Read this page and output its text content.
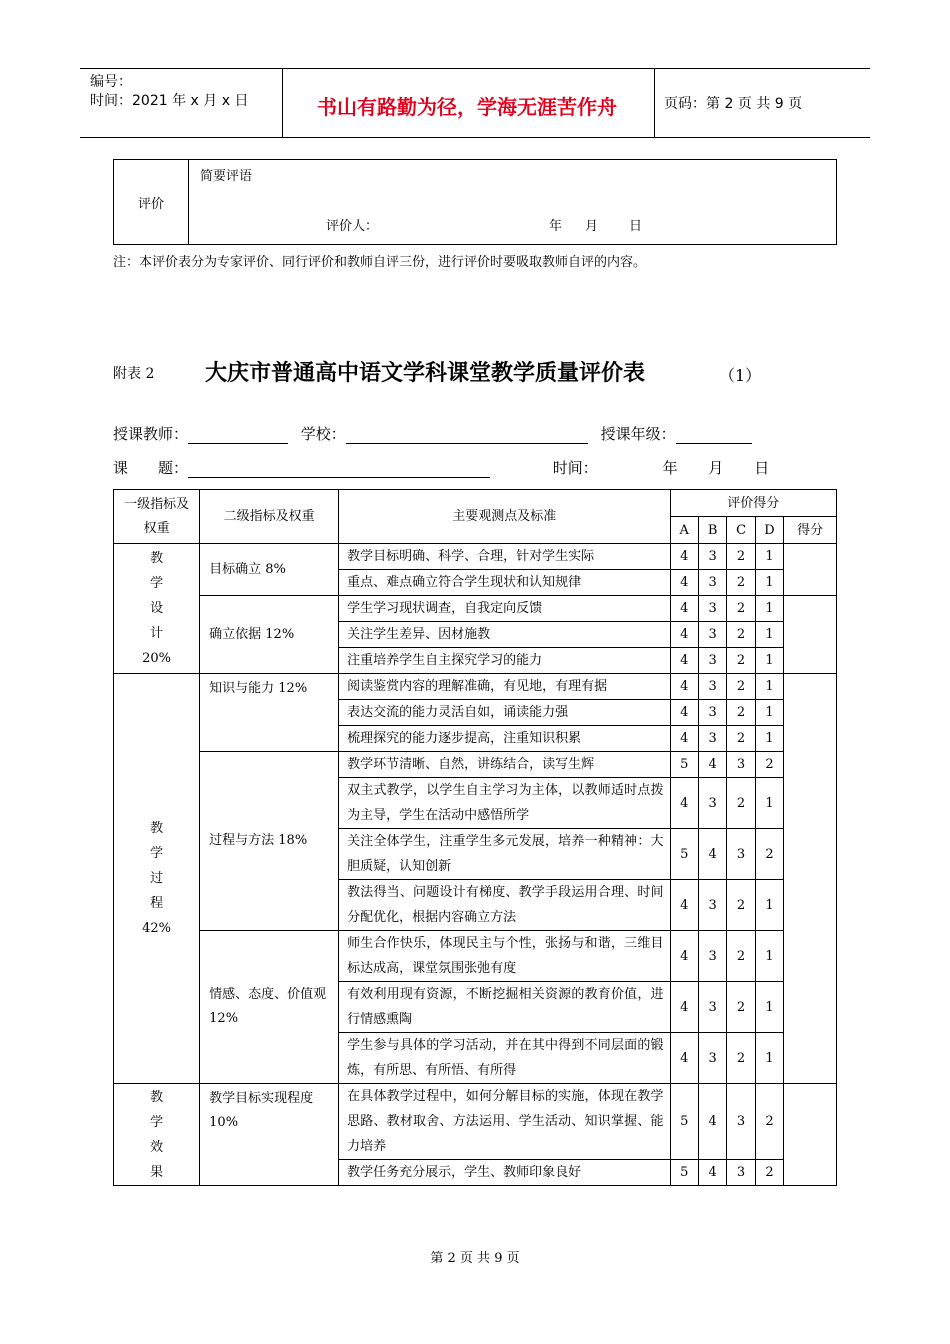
编号：
时间：2021 年 x 月 x 日	书山有路勤为径，学海无涯苦作舟	页码：第 2 页 共 9 页
评价	
简要评语
评价人：	年 月 日
注：本评价表分为专家评价、同行评价和教师自评三份，进行评价时要吸取教师自评的内容。
附表 2 大庆市普通高中语文学科课堂教学质量评价表	（1）
授课教师：	学校：	授课年级：
课　　题：	时间：	年 月 日
一级指标及权重	二级指标及权重	主要观测点及标准	评价得分				
			A	B	C	D	得分
教
学
设
计
20%	目标确立 8%	教学目标明确、科学、合理，针对学生实际	4	3	2	1	
		重点、难点确立符合学生现状和认知规律	4	3	2	1	
	确立依据 12%	学生学习现状调查，自我定向反馈	4	3	2	1	
		关注学生差异、因材施教	4	3	2	1	
		注重培养学生自主探究学习的能力	4	3	2	1	
教
学
过
程
42%	知识与能力 12%	阅读鉴赏内容的理解准确，有见地，有理有据	4	3	2	1	
		表达交流的能力灵活自如，诵读能力强	4	3	2	1	
		梳理探究的能力逐步提高，注重知识积累	4	3	2	1	
	过程与方法 18%	教学环节清晰、自然，讲练结合，读写生辉	5	4	3	2	
		双主式教学，以学生自主学习为主体，以教师适时点拨为主导，学生在活动中感悟所学	4	3	2	1	
		关注全体学生，注重学生多元发展，培养一种精神：大胆质疑，认知创新	5	4	3	2	
		教法得当、问题设计有梯度、教学手段运用合理、时间分配优化，根据内容确立方法	4	3	2	1	
	情感、态度、价值观 12%	师生合作快乐，体现民主与个性，张扬与和谐，三维目标达成高，课堂氛围张弛有度	4	3	2	1	
		有效利用现有资源，不断挖掘相关资源的教育价值，进行情感熏陶	4	3	2	1	
		学生参与具体的学习活动，并在其中得到不同层面的锻炼，有所思、有所悟、有所得	4	3	2	1	
教
学
效
果	教学目标实现程度 10%	在具体教学过程中，如何分解目标的实施，体现在教学思路、教材取舍、方法运用、学生活动、知识掌握、能力培养	5	4	3	2	
		教学任务充分展示，学生、教师印象良好	5	4	3	2	
第 2 页 共 9 页
